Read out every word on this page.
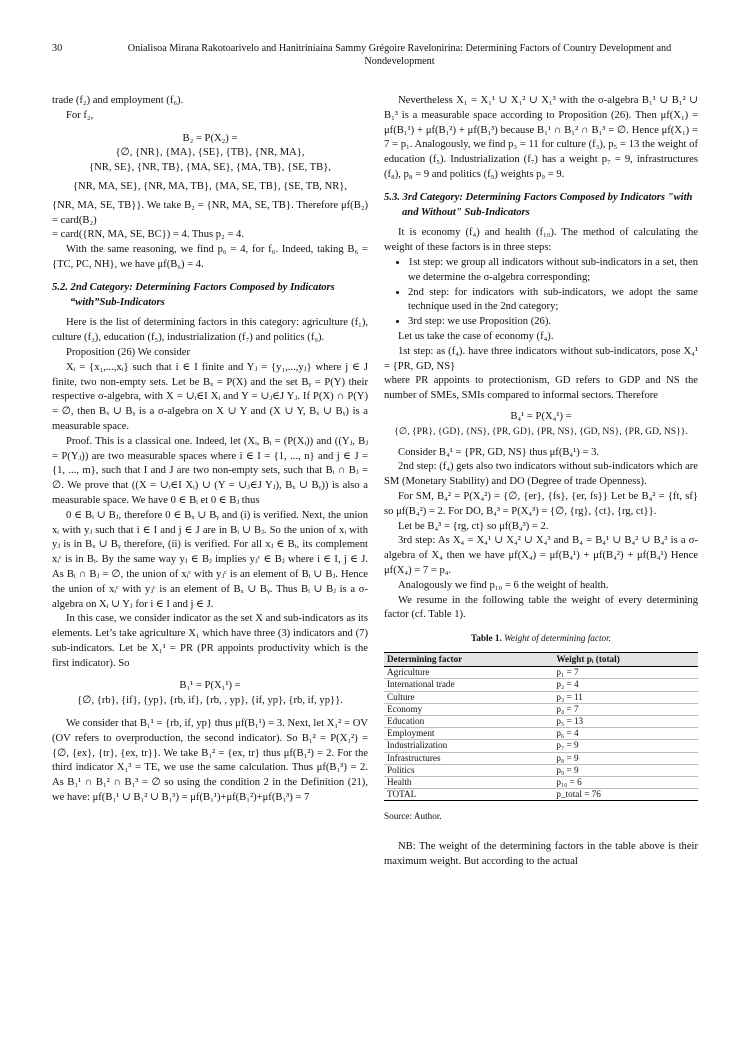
30	Onialisoa Mirana Rakotoarivelo and Hanitriniaina Sammy Grégoire Ravelonirina: Determining Factors of Country Development and Nondevelopment

trade (f₂) and employment (f₆).

For f₂,

B₂ = P(X₂) =

{∅, {NR}, {MA}, {SE}, {TB}, {NR, MA},

{NR, SE}, {NR, TB}, {MA, SE}, {MA, TB}, {SE, TB},

{NR, MA, SE}, {NR, MA, TB}, {MA, SE, TB}, {SE, TB, NR},

{NR, MA, SE, TB}}. We take B₂ = {NR, MA, SE, TB}. Therefore μf(B₂) = card(B₂)

= card({RN, MA, SE, BC}) = 4. Thus p₂ = 4.

With the same reasoning, we find p₆ = 4, for f₆. Indeed, taking B₆ = {TC, PC, NH}, we have μf(B₆) = 4.

5.2. 2nd Category: Determining Factors Composed by Indicators “with”Sub-Indicators

Here is the list of determining factors in this category: agriculture (f₁), culture (f₃), education (f₅), industrialization (f₇) and politics (f₉).

Proposition (26) We consider

Xᵢ = {x₁,...,xᵢ} such that i ∈ I finite and Yⱼ = {y₁,...,yⱼ} where j ∈ J finite, two non-empty sets. Let be Bₓ = P(X) and the set Bᵧ = P(Y) their respective σ-algebra, with X = ∪ᵢ∈I Xᵢ and Y = ∪ⱼ∈J Yⱼ. If P(X) ∩ P(Y) = ∅, then Bₓ ∪ Bᵧ is a σ-algebra on X ∪ Y and (X ∪ Y, Bₓ ∪ Bᵧ) is a measurable space.

Proof. This is a classical one. Indeed, let (Xᵢ, Bᵢ = (P(Xᵢ)) and ((Yⱼ, Bⱼ = P(Yⱼ)) are two measurable spaces where i ∈ I = {1, ..., n} and j ∈ J = {1, ..., m}, such that I and J are two non-empty sets, such that Bᵢ ∩ Bⱼ = ∅. We prove that ((X = ∪ᵢ∈I Xᵢ) ∪ (Y = ∪ⱼ∈J Yⱼ), Bₓ ∪ Bᵧ)) is also a measurable space. We have 0 ∈ Bᵢ et 0 ∈ Bⱼ thus

0 ∈ Bᵢ ∪ Bⱼ, therefore 0 ∈ Bₓ ∪ Bᵧ and (i) is verified. Next, the union xᵢ with yⱼ such that i ∈ I and j ∈ J are in Bᵢ ∪ Bⱼ. So the union of xᵢ with yⱼ is in Bₓ ∪ Bᵧ therefore, (ii) is verified. For all xⱼ ∈ Bᵢ, its complement xᵢᶜ is in Bᵢ. By the same way yⱼ ∈ Bⱼ implies yⱼᶜ ∈ Bⱼ where i ∈ I, j ∈ J. As Bᵢ ∩ Bⱼ = ∅, the union of xᵢᶜ with yⱼᶜ is an element of Bᵢ ∪ Bⱼ. Hence the union of xᵢᶜ with yⱼᶜ is an element of Bₓ ∪ Bᵧ. Thus Bᵢ ∪ Bⱼ is a σ-algebra on Xᵢ ∪ Yⱼ for i ∈ I and j ∈ J.

In this case, we consider indicator as the set X and sub-indicators as its elements. Let’s take agriculture X₁ which have three (3) indicators and (7) sub-indicators. Let be X₁¹ = PR (PR appoints productivity which is the first indicator). So

B₁¹ = P(X₁¹) =

{∅, {rb}, {if}, {yp}, {rb, if}, {rb, , yp}, {if, yp}, {rb, if, yp}}.

We consider that B₁¹ = {rb, if, yp} thus μf(B₁¹) = 3. Next, let X₁² = OV (OV refers to overproduction, the second indicator). So B₁² = P(X₁²) = {∅, {ex}, {tr}, {ex, tr}}. We take B₁² = {ex, tr} thus μf(B₁²) = 2. For the third indicator X₁³ = TE, we use the same calculation. Thus μf(B₁³) = 2. As B₁¹ ∩ B₁² ∩ B₁³ = ∅ so using the condition 2 in the Definition (21), we have: μf(B₁¹ ∪ B₁² ∪ B₁³) = μf(B₁¹)+μf(B₁²)+μf(B₁³) = 7

Nevertheless X₁ = X₁¹ ∪ X₁² ∪ X₁³ with the σ-algebra B₁¹ ∪ B₁² ∪ B₁³ is a measurable space according to Proposition (26). Then μf(X₁) = μf(B₁¹) + μf(B₁²) + μf(B₁³) because B₁¹ ∩ B₁² ∩ B₁³ = ∅. Hence μf(X₁) = 7 = p₁. Analogously, we find p₃ = 11 for culture (f₃), p₅ = 13 the weight of education (f₅). Industrialization (f₇) has a weight p₇ = 9, infrastructures (f₈), p₈ = 9 and politics (f₉) weights p₉ = 9.

5.3. 3rd Category: Determining Factors Composed by Indicators "with and Without" Sub-Indicators

It is economy (f₄) and health (f₁₀). The method of calculating the weight of these factors is in three steps:

• 1st step: we group all indicators without sub-indicators in a set, then we determine the σ-algebra corresponding;
• 2nd step: for indicators with sub-indicators, we adopt the same technique used in the 2nd category;
• 3rd step: we use Proposition (26).

Let us take the case of economy (f₄).

1st step: as (f₄). have three indicators without sub-indicators, pose X₄¹ = {PR, GD, NS}

where PR appoints to protectionism, GD refers to GDP and NS the number of SMEs, SMIs compared to informal sectors. Therefore

B₄¹ = P(X₄¹) =

{∅, {PR}, {GD}, {NS}, {PR, GD}, {PR, NS}, {GD, NS}, {PR, GD, NS}}.

Consider B₄¹ = {PR, GD, NS} thus μf(B₄¹) = 3.

2nd step: (f₄) gets also two indicators without sub-indicators which are SM (Monetary Stability) and DO (Degree of trade Openness).

For SM, B₄² = P(X₄²) = {∅, {er}, {fs}, {er, fs}} Let be B₄² = {ft, sf} so μf(B₄²) = 2. For DO, B₄³ = P(X₄³) = {∅, {rg}, {ct}, {rg, ct}}.

Let be B₄³ = {rg, ct} so μf(B₄³) = 2.

3rd step: As X₄ = X₄¹ ∪ X₄² ∪ X₄³ and B₄ = B₄¹ ∪ B₄² ∪ B₄³ is a σ-algebra of X₄ then we have μf(X₄) = μf(B₄¹) + μf(B₄²) + μf(B₄¹) Hence μf(X₄) = 7 = p₄.

Analogously we find p₁₀ = 6 the weight of health.

We resume in the following table the weight of every determining factor (cf. Table 1).

Table 1. Weight of determining factor.
Determining factor	Weight pᵢ (total)
Agriculture	p₁ = 7
International trade	p₂ = 4
Culture	p₃ = 11
Economy	p₄ = 7
Education	p₅ = 13
Employment	p₆ = 4
Industrialization	p₇ = 9
Infrastructures	p₈ = 9
Politics	p₉ = 9
Health	p₁₀ = 6
TOTAL	p_total = 76

Source: Author.

NB: The weight of the determining factors in the table above is their maximum weight. But according to the actual
